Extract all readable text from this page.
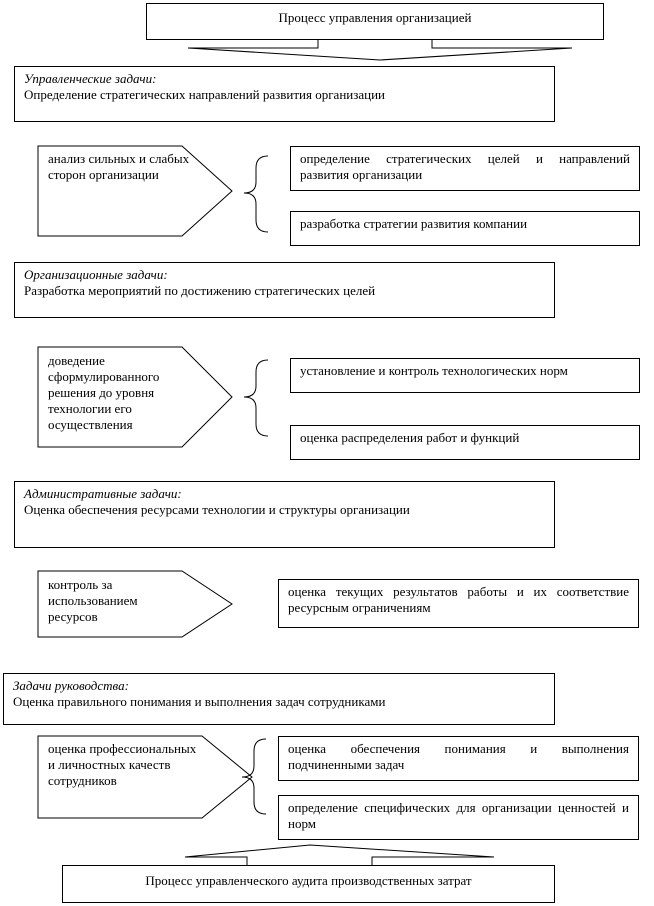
Процесс управления организацией
Управленческие задачи:
Определение стратегических направлений развития организации
анализ сильных и слабых сторон организации
определение стратегических целей и направлений развития организации
разработка стратегии развития компании
Организационные задачи:
Разработка мероприятий по достижению стратегических целей
доведение сформулированного решения до уровня технологии его осуществления
установление и контроль технологических норм
оценка распределения работ и функций
Административные задачи:
Оценка обеспечения ресурсами технологии и структуры организации
контроль за использованием ресурсов
оценка текущих результатов работы и их соответствие ресурсным ограничениям
Задачи руководства:
Оценка правильного понимания и выполнения задач сотрудниками
оценка профессиональных и личностных качеств сотрудников
оценка обеспечения понимания и выполнения подчиненными задач
определение специфических для организации ценностей и норм
Процесс управленческого аудита производственных затрат
